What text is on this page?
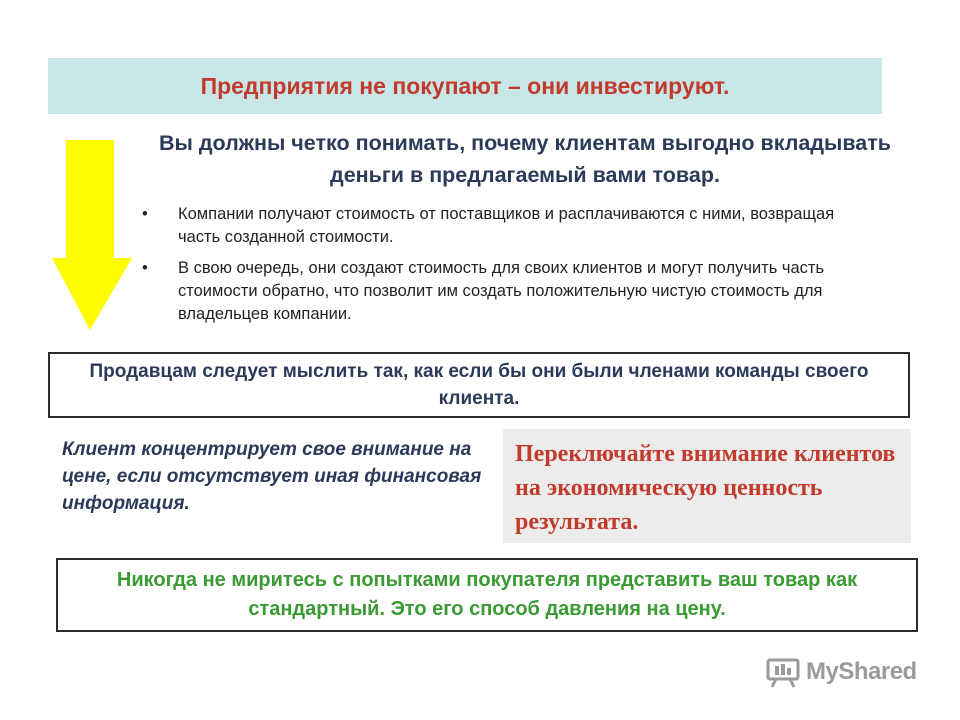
Предприятия не покупают – они инвестируют.
Вы должны четко понимать, почему клиентам выгодно вкладывать деньги в предлагаемый вами товар.
• Компании получают стоимость от поставщиков и расплачиваются с ними, возвращая часть созданной стоимости.
• В свою очередь, они создают стоимость для своих клиентов и могут получить часть стоимости обратно, что позволит им создать положительную чистую стоимость для владельцев компании.
Продавцам следует мыслить так, как если бы они были членами команды своего клиента.
Клиент концентрирует свое внимание на цене, если отсутствует иная финансовая информация.
Переключайте внимание клиентов на экономическую ценность результата.
Никогда не миритесь с попытками покупателя представить ваш товар как стандартный. Это его способ давления на цену.
MyShared
